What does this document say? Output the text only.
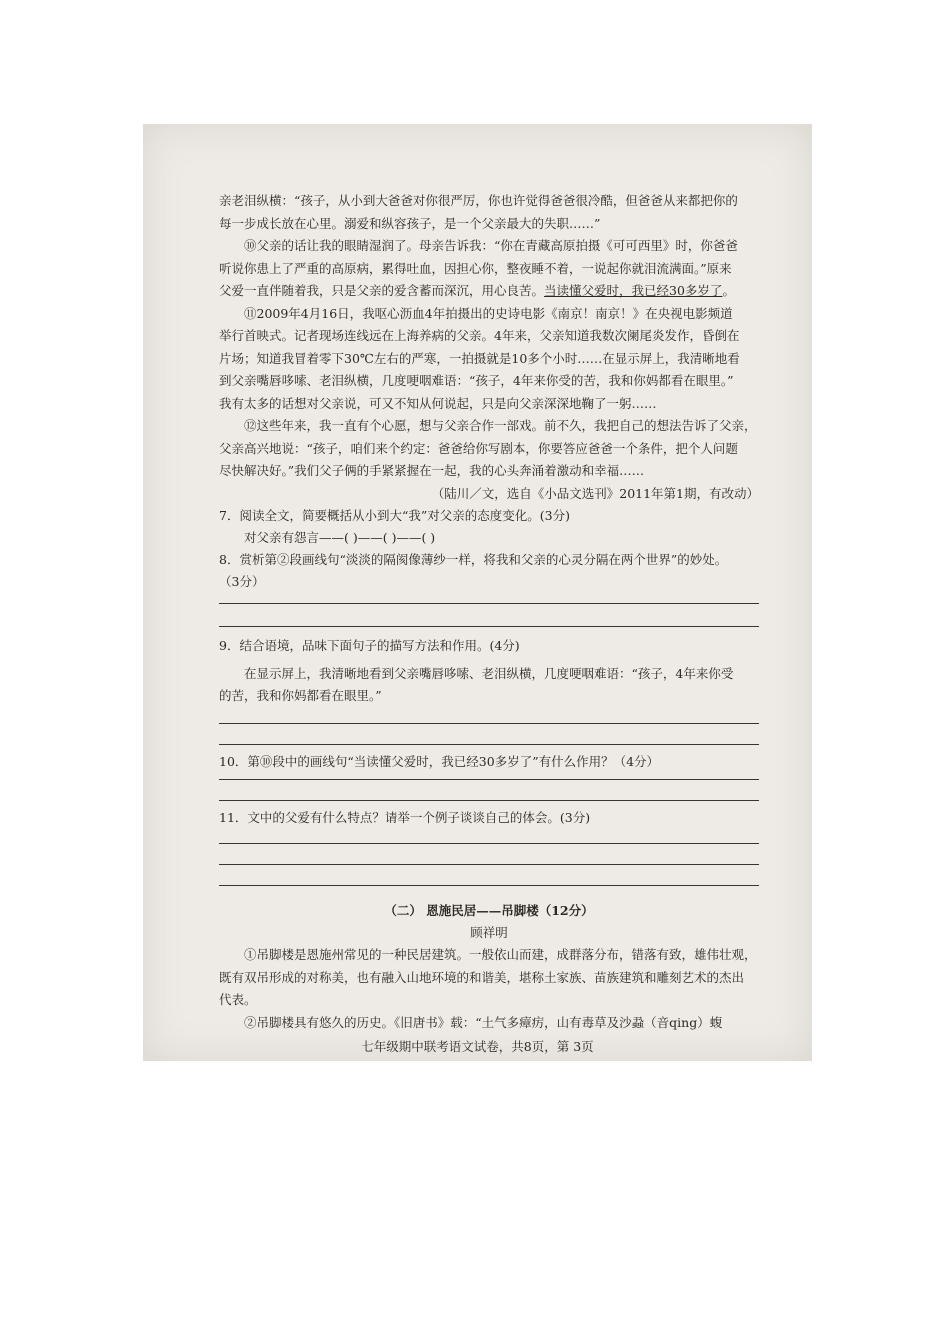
亲老泪纵横：“孩子，从小到大爸爸对你很严厉，你也许觉得爸爸很冷酷，但爸爸从来都把你的

每一步成长放在心里。溺爱和纵容孩子，是一个父亲最大的失职……”

⑩父亲的话让我的眼睛湿润了。母亲告诉我：“你在青藏高原拍摄《可可西里》时，你爸爸

听说你患上了严重的高原病，累得吐血，因担心你，整夜睡不着，一说起你就泪流满面。”原来

父爱一直伴随着我，只是父亲的爱含蓄而深沉，用心良苦。当读懂父爱时，我已经30多岁了。

⑪2009年4月16日，我呕心沥血4年拍摄出的史诗电影《南京！南京！》在央视电影频道

举行首映式。记者现场连线远在上海养病的父亲。4年来，父亲知道我数次阑尾炎发作，昏倒在

片场；知道我冒着零下30℃左右的严寒，一拍摄就是10多个小时……在显示屏上，我清晰地看

到父亲嘴唇哆嗦、老泪纵横，几度哽咽难语：“孩子，4年来你受的苦，我和你妈都看在眼里。”

我有太多的话想对父亲说，可又不知从何说起，只是向父亲深深地鞠了一躬……

⑫这些年来，我一直有个心愿，想与父亲合作一部戏。前不久，我把自己的想法告诉了父亲，

父亲高兴地说：“孩子，咱们来个约定：爸爸给你写剧本，你要答应爸爸一个条件，把个人问题

尽快解决好。”我们父子俩的手紧紧握在一起，我的心头奔涌着激动和幸福……

（陆川／文，选自《小品文选刊》2011年第1期，有改动）

7．阅读全文，简要概括从小到大“我”对父亲的态度变化。(3分)

对父亲有怨言——( )——( )——( )

8．赏析第②段画线句“淡淡的隔阂像薄纱一样，将我和父亲的心灵分隔在两个世界”的妙处。

（3分）

9．结合语境，品味下面句子的描写方法和作用。(4分)

在显示屏上，我清晰地看到父亲嘴唇哆嗦、老泪纵横，几度哽咽难语：“孩子，4年来你受

的苦，我和你妈都看在眼里。”

10．第⑩段中的画线句“当读懂父爱时，我已经30多岁了”有什么作用？（4分）

11．文中的父爱有什么特点？请举一个例子谈谈自己的体会。(3分)

（二） 恩施民居——吊脚楼（12分）

顾祥明

①吊脚楼是恩施州常见的一种民居建筑。一般依山而建，成群落分布，错落有致，雄伟壮观，

既有双吊形成的对称美，也有融入山地环境的和谐美，堪称土家族、苗族建筑和雕刻艺术的杰出

代表。

②吊脚楼具有悠久的历史。《旧唐书》载：“土气多瘴疠，山有毒草及沙蝨（音qing）蝮

七年级期中联考语文试卷，共8页，第 3页
